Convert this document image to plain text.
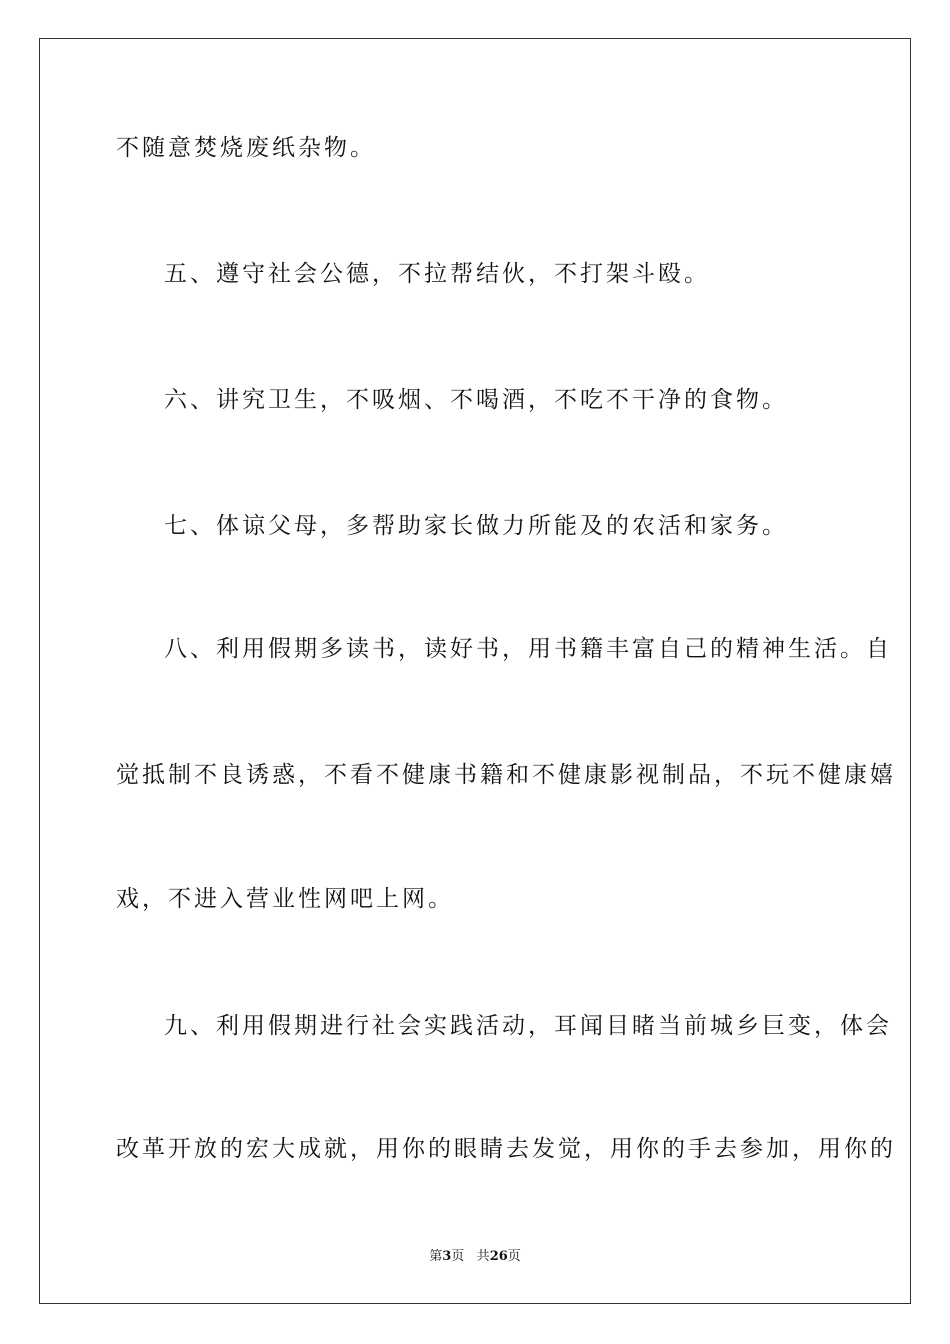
不随意焚烧废纸杂物。
五、遵守社会公德，不拉帮结伙，不打架斗殴。
六、讲究卫生，不吸烟、不喝酒，不吃不干净的食物。
七、体谅父母，多帮助家长做力所能及的农活和家务。
八、利用假期多读书，读好书，用书籍丰富自己的精神生活。自
觉抵制不良诱惑，不看不健康书籍和不健康影视制品，不玩不健康嬉
戏，不进入营业性网吧上网。
九、利用假期进行社会实践活动，耳闻目睹当前城乡巨变，体会
改革开放的宏大成就，用你的眼睛去发觉，用你的手去参加，用你的
第3页 共26页
